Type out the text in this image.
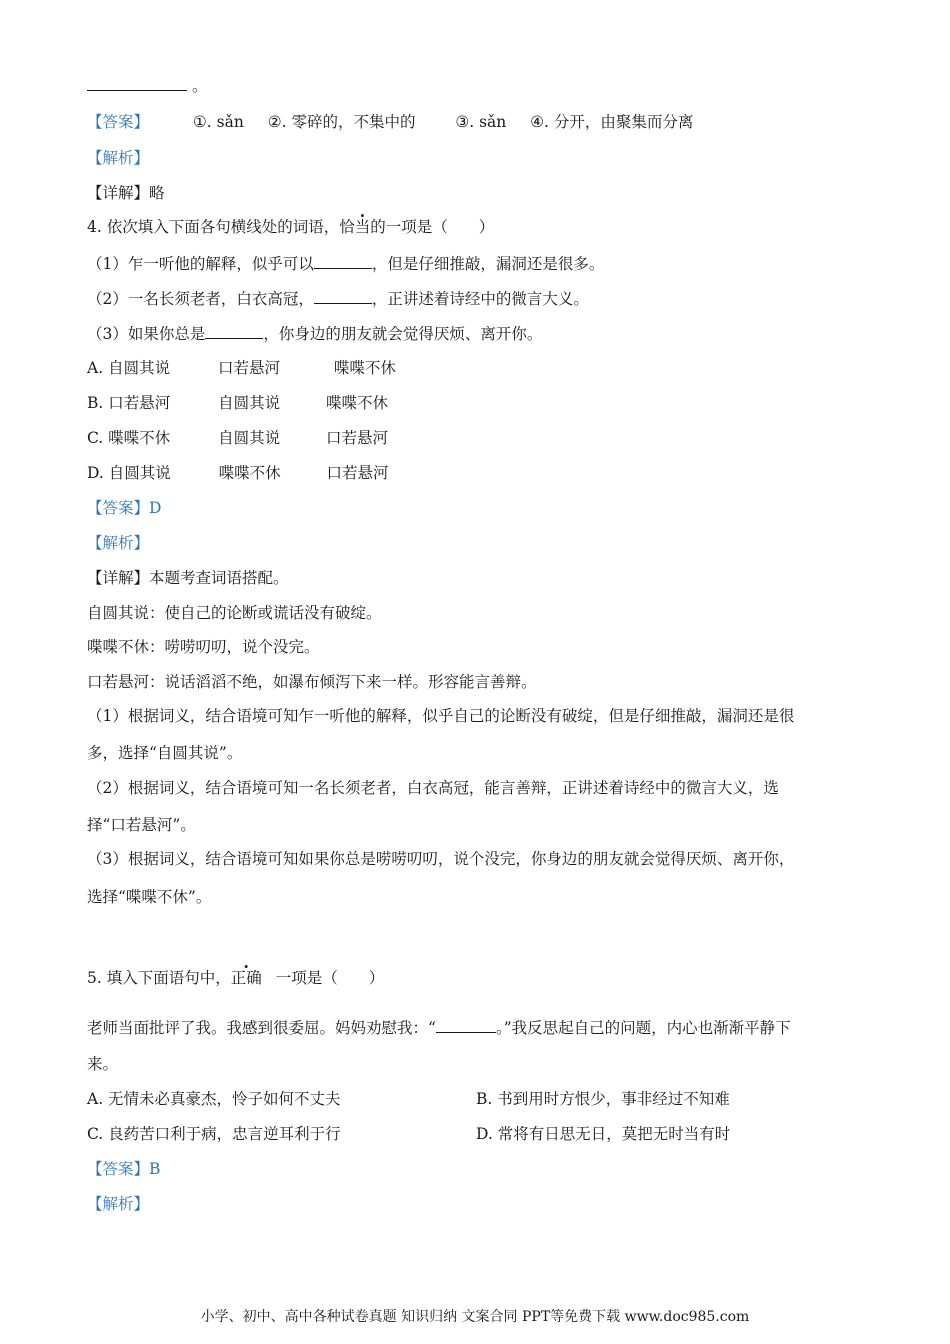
。
【答案】	①. sǎn ②. 零碎的，不集中的	③. sǎn ④. 分开，由聚集而分离
【解析】
【详解】略
4. 依次填入下面各句横线处的词语，恰当的一项是（　　）
（1）乍一听他的解释，似乎可以	，但是仔细推敲，漏洞还是很多。
（2）一名长须老者，白衣高冠，	，正讲述着诗经中的微言大义。
（3）如果你总是	，你身边的朋友就会觉得厌烦、离开你。
A. 自圆其说	口若悬河	喋喋不休
B. 口若悬河	自圆其说	喋喋不休
C. 喋喋不休	自圆其说	口若悬河
D. 自圆其说	喋喋不休	口若悬河
【答案】D
【解析】
【详解】本题考查词语搭配。
自圆其说：使自己的论断或谎话没有破绽。
喋喋不休：唠唠叨叨，说个没完。
口若悬河：说话滔滔不绝，如瀑布倾泻下来一样。形容能言善辩。
（1）根据词义，结合语境可知乍一听他的解释，似乎自己的论断没有破绽，但是仔细推敲，漏洞还是很
多，选择“自圆其说”。
（2）根据词义，结合语境可知一名长须老者，白衣高冠，能言善辩，正讲述着诗经中的微言大义，选
择“口若悬河”。
（3）根据词义，结合语境可知如果你总是唠唠叨叨，说个没完，你身边的朋友就会觉得厌烦、离开你，
选择“喋喋不休”。
5. 填入下面语句中，正确 一项是（　　）
老师当面批评了我。我感到很委屈。妈妈劝慰我：“	。”我反思起自己的问题，内心也渐渐平静下
来。
A. 无情未必真豪杰，怜子如何不丈夫	B. 书到用时方恨少，事非经过不知难
C. 良药苦口利于病，忠言逆耳利于行	D. 常将有日思无日，莫把无时当有时
【答案】B
【解析】
小学、初中、高中各种试卷真题 知识归纳 文案合同 PPT等免费下载 www.doc985.com
